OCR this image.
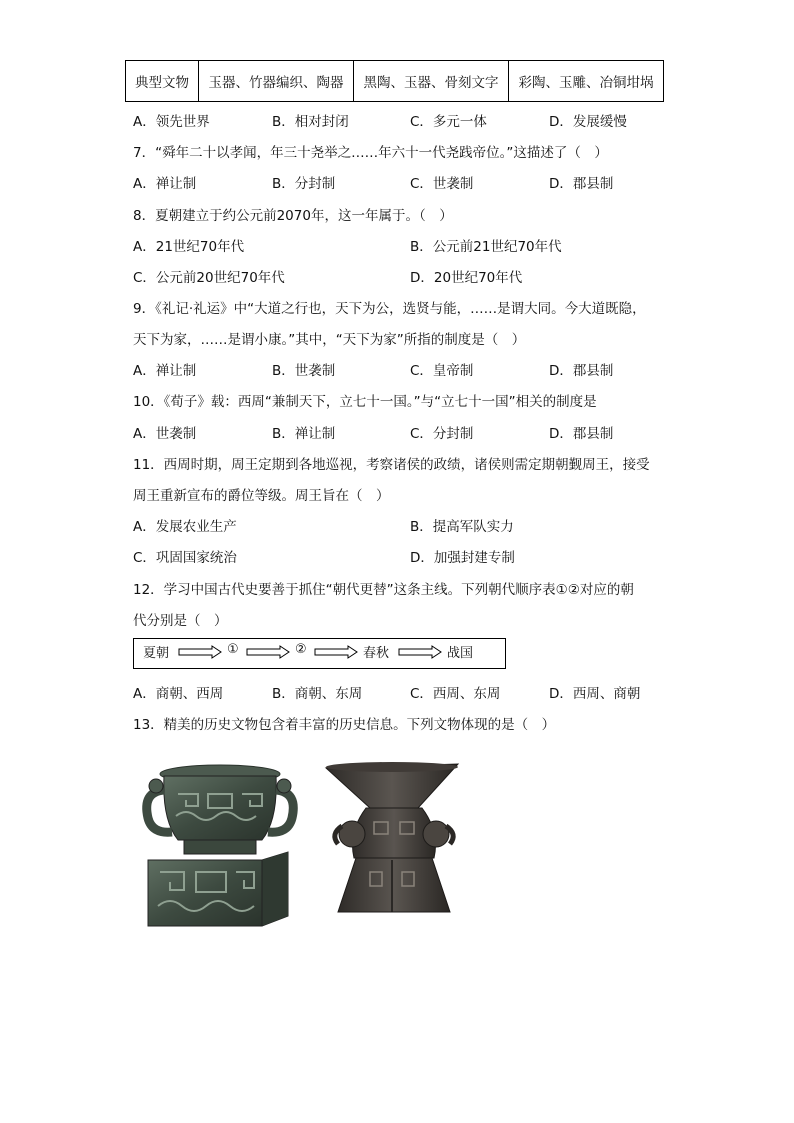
典型文物	玉器、竹器编织、陶器	黑陶、玉器、骨刻文字	彩陶、玉雕、冶铜坩埚
A．领先世界	B．相对封闭	C．多元一体	D．发展缓慢
7．“舜年二十以孝闻，年三十尧举之……年六十一代尧践帝位。”这描述了（　）
A．禅让制	B．分封制	C．世袭制	D．郡县制
8．夏朝建立于约公元前2070年，这一年属于。（　）
A．21世纪70年代	B．公元前21世纪70年代
C．公元前20世纪70年代	D．20世纪70年代
9．《礼记·礼运》中“大道之行也，天下为公，选贤与能，……是谓大同。今大道既隐，
天下为家，……是谓小康。”其中，“天下为家”所指的制度是（　）
A．禅让制	B．世袭制	C．皇帝制	D．郡县制
10．《荀子》载：西周“兼制天下，立七十一国。”与“立七十一国”相关的制度是
A．世袭制	B．禅让制	C．分封制	D．郡县制
11．西周时期，周王定期到各地巡视，考察诸侯的政绩，诸侯则需定期朝觐周王，接受
周王重新宣布的爵位等级。周王旨在（　）
A．发展农业生产	B．提高军队实力
C．巩固国家统治	D．加强封建专制
12．学习中国古代史要善于抓住“朝代更替”这条主线。下列朝代顺序表①②对应的朝
代分别是（　）
夏朝	①	②	春秋	战国
A．商朝、西周	B．商朝、东周	C．西周、东周	D．西周、商朝
13．精美的历史文物包含着丰富的历史信息。下列文物体现的是（　）
